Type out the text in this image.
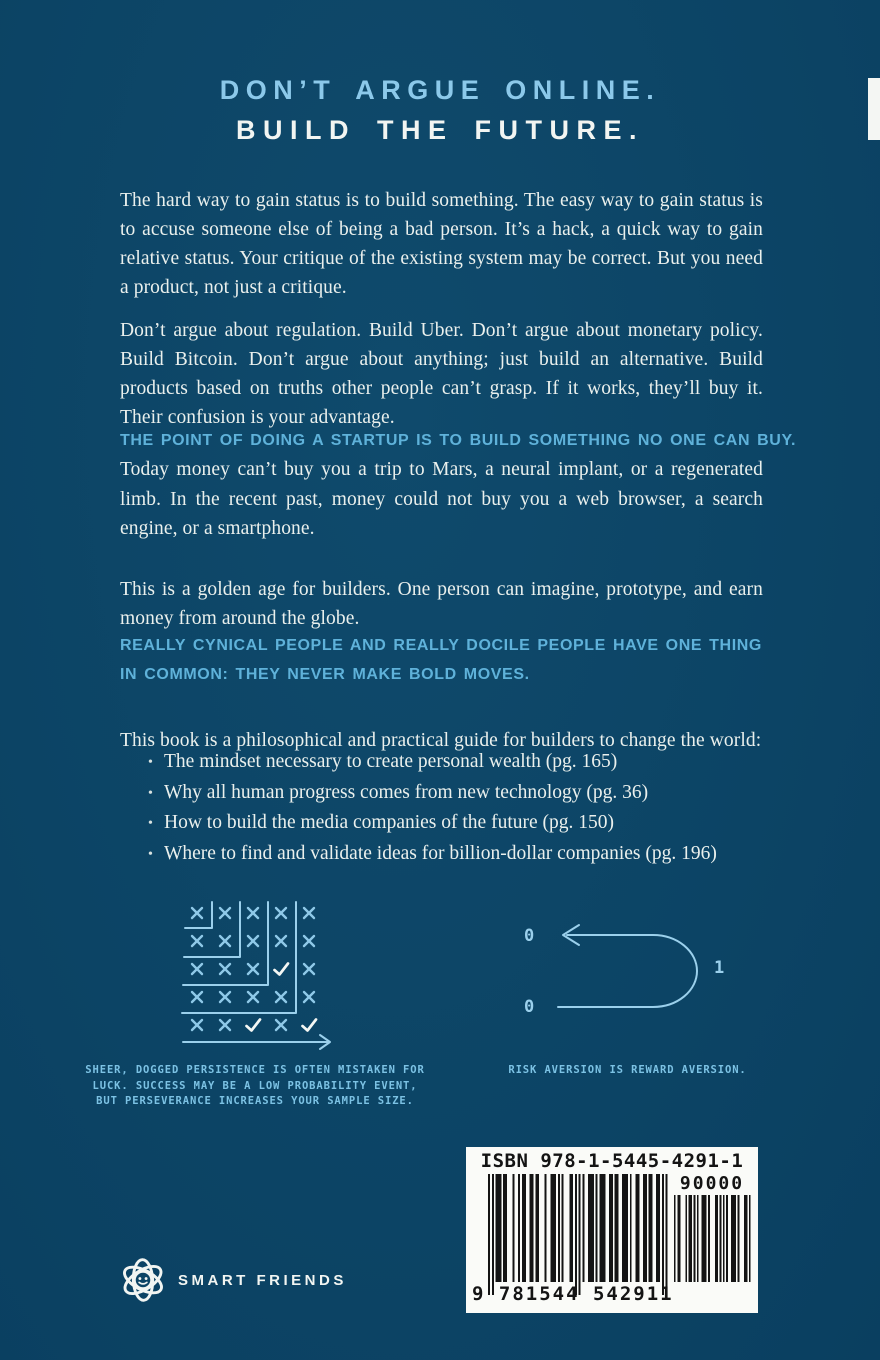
DON’T ARGUE ONLINE.
BUILD THE FUTURE.

The hard way to gain status is to build something. The easy way to gain status is to accuse someone else of being a bad person. It’s a hack, a quick way to gain relative status. Your critique of the existing system may be correct. But you need a product, not just a critique.

Don’t argue about regulation. Build Uber. Don’t argue about monetary policy. Build Bitcoin. Don’t argue about anything; just build an alternative. Build products based on truths other people can’t grasp. If it works, they’ll buy it. Their confusion is your advantage.

THE POINT OF DOING A STARTUP IS TO BUILD SOMETHING NO ONE CAN BUY.
Today money can’t buy you a trip to Mars, a neural implant, or a regenerated limb. In the recent past, money could not buy you a web browser, a search engine, or a smartphone.

This is a golden age for builders. One person can imagine, prototype, and earn money from around the globe.

REALLY CYNICAL PEOPLE AND REALLY DOCILE PEOPLE HAVE ONE THING
IN COMMON: THEY NEVER MAKE BOLD MOVES.

This book is a philosophical and practical guide for builders to change the world:

• The mindset necessary to create personal wealth (pg. 165)
• Why all human progress comes from new technology (pg. 36)
• How to build the media companies of the future (pg. 150)
• Where to find and validate ideas for billion-dollar companies (pg. 196)
SHEER, DOGGED PERSISTENCE IS OFTEN MISTAKEN FOR
LUCK. SUCCESS MAY BE A LOW PROBABILITY EVENT,
BUT PERSEVERANCE INCREASES YOUR SAMPLE SIZE.
0
0
1
RISK AVERSION IS REWARD AVERSION.
ISBN 978-1-5445-4291-1
90000
9 781544 542911
SMART FRIENDS
